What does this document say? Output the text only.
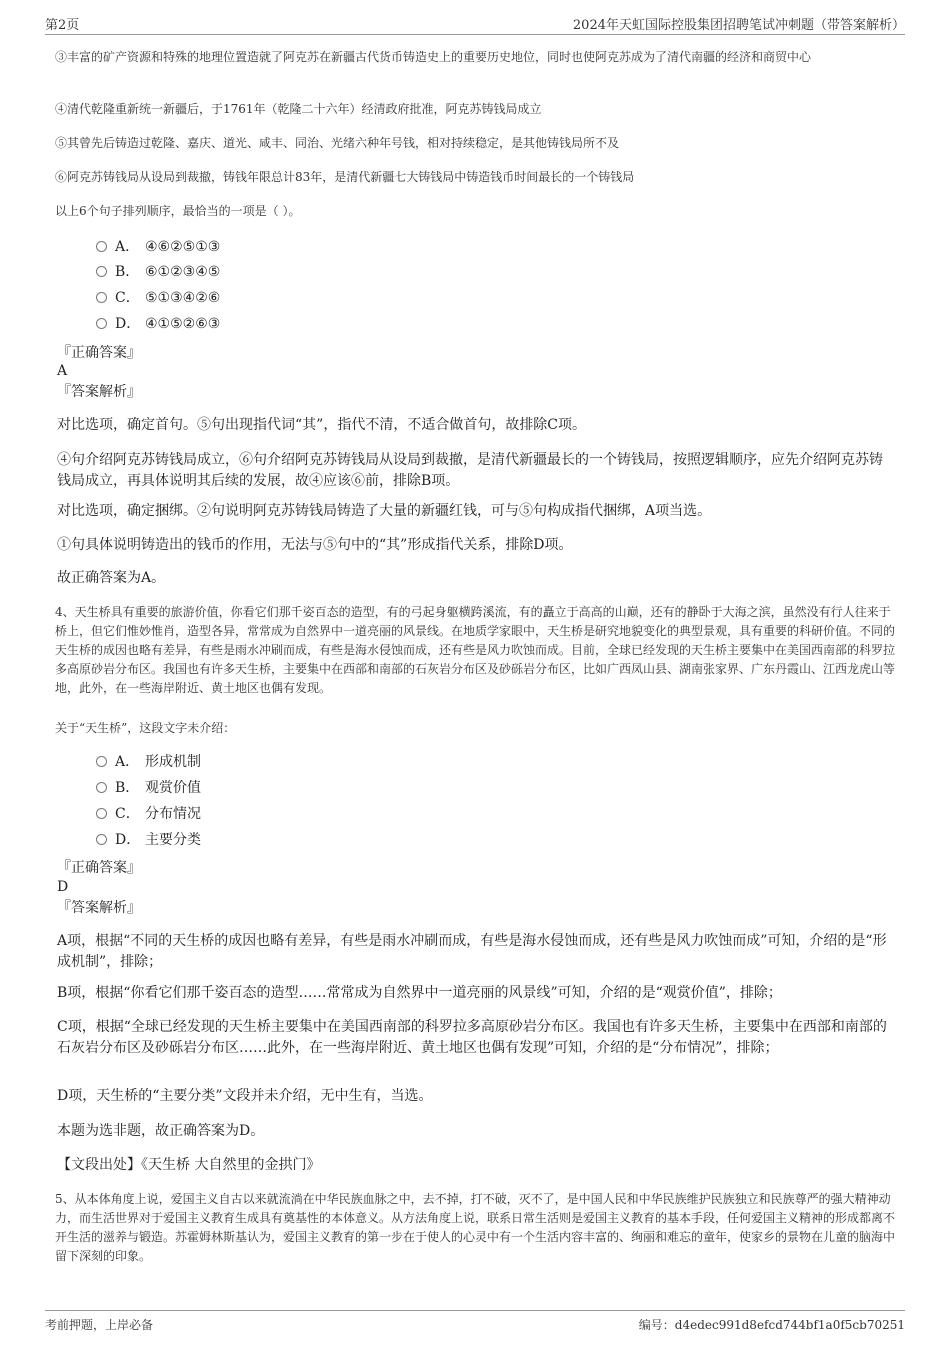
第2页	2024年天虹国际控股集团招聘笔试冲刺题（带答案解析）
③丰富的矿产资源和特殊的地理位置造就了阿克苏在新疆古代货币铸造史上的重要历史地位，同时也使阿克苏成为了清代南疆的经济和商贸中心
④清代乾隆重新统一新疆后，于1761年（乾隆二十六年）经清政府批准，阿克苏铸钱局成立
⑤其曾先后铸造过乾隆、嘉庆、道光、咸丰、同治、光绪六种年号钱，相对持续稳定，是其他铸钱局所不及
⑥阿克苏铸钱局从设局到裁撤，铸钱年限总计83年，是清代新疆七大铸钱局中铸造钱币时间最长的一个铸钱局
以上6个句子排列顺序，最恰当的一项是（ ）。
A． ④⑥②⑤①③
B． ⑥①②③④⑤
C． ⑤①③④②⑥
D． ④①⑤②⑥③
『正确答案』
A
『答案解析』
对比选项，确定首句。⑤句出现指代词“其”，指代不清，不适合做首句，故排除C项。
④句介绍阿克苏铸钱局成立，⑥句介绍阿克苏铸钱局从设局到裁撤，是清代新疆最长的一个铸钱局，按照逻辑顺序，应先介绍阿克苏铸钱局成立，再具体说明其后续的发展，故④应该⑥前，排除B项。
对比选项，确定捆绑。②句说明阿克苏铸钱局铸造了大量的新疆红钱，可与⑤句构成指代捆绑，A项当选。
①句具体说明铸造出的钱币的作用，无法与⑤句中的“其”形成指代关系，排除D项。
故正确答案为A。
4、天生桥具有重要的旅游价值，你看它们那千姿百态的造型，有的弓起身躯横跨溪流，有的矗立于高高的山巅，还有的静卧于大海之滨，虽然没有行人往来于桥上，但它们惟妙惟肖，造型各异，常常成为自然界中一道亮丽的风景线。在地质学家眼中，天生桥是研究地貌变化的典型景观，具有重要的科研价值。不同的天生桥的成因也略有差异，有些是雨水冲刷而成，有些是海水侵蚀而成，还有些是风力吹蚀而成。目前，全球已经发现的天生桥主要集中在美国西南部的科罗拉多高原砂岩分布区。我国也有许多天生桥，主要集中在西部和南部的石灰岩分布区及砂砾岩分布区，比如广西凤山县、湖南张家界、广东丹霞山、江西龙虎山等地，此外，在一些海岸附近、黄土地区也偶有发现。
关于“天生桥”，这段文字未介绍：
A． 形成机制
B． 观赏价值
C． 分布情况
D． 主要分类
『正确答案』
D
『答案解析』
A项，根据“不同的天生桥的成因也略有差异，有些是雨水冲刷而成，有些是海水侵蚀而成，还有些是风力吹蚀而成”可知，介绍的是“形成机制”，排除；
B项，根据“你看它们那千姿百态的造型……常常成为自然界中一道亮丽的风景线”可知，介绍的是“观赏价值”，排除；
C项，根据“全球已经发现的天生桥主要集中在美国西南部的科罗拉多高原砂岩分布区。我国也有许多天生桥，主要集中在西部和南部的石灰岩分布区及砂砾岩分布区……此外，在一些海岸附近、黄土地区也偶有发现”可知，介绍的是“分布情况”，排除；
D项，天生桥的“主要分类”文段并未介绍，无中生有，当选。
本题为选非题，故正确答案为D。
【文段出处】《天生桥 大自然里的金拱门》
5、从本体角度上说，爱国主义自古以来就流淌在中华民族血脉之中，去不掉，打不破，灭不了，是中国人民和中华民族维护民族独立和民族尊严的强大精神动力，而生活世界对于爱国主义教育生成具有奠基性的本体意义。从方法角度上说，联系日常生活则是爱国主义教育的基本手段，任何爱国主义精神的形成都离不开生活的滋养与锻造。苏霍姆林斯基认为，爱国主义教育的第一步在于使人的心灵中有一个生活内容丰富的、绚丽和难忘的童年，使家乡的景物在儿童的脑海中留下深刻的印象。
考前押题，上岸必备	编号：d4edec991d8efcd744bf1a0f5cb70251
